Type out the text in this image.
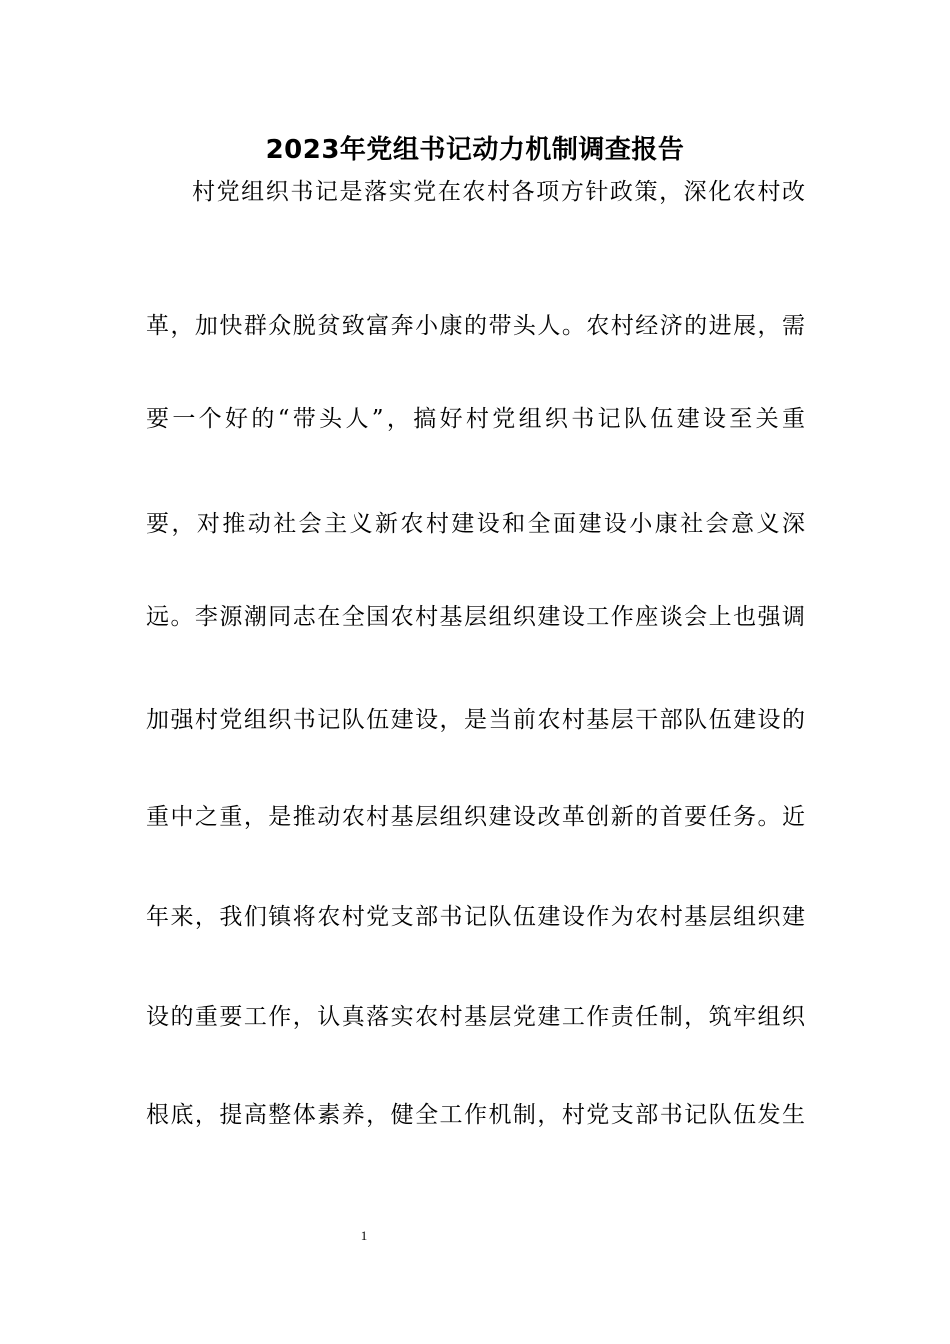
2023年党组书记动力机制调查报告
村党组织书记是落实党在农村各项方针政策，深化农村改
革，加快群众脱贫致富奔小康的带头人。农村经济的进展，需
要一个好的“带头人”，搞好村党组织书记队伍建设至关重
要，对推动社会主义新农村建设和全面建设小康社会意义深
远。李源潮同志在全国农村基层组织建设工作座谈会上也强调
加强村党组织书记队伍建设，是当前农村基层干部队伍建设的
重中之重，是推动农村基层组织建设改革创新的首要任务。近
年来，我们镇将农村党支部书记队伍建设作为农村基层组织建
设的重要工作，认真落实农村基层党建工作责任制，筑牢组织
根底，提高整体素养，健全工作机制，村党支部书记队伍发生
1
